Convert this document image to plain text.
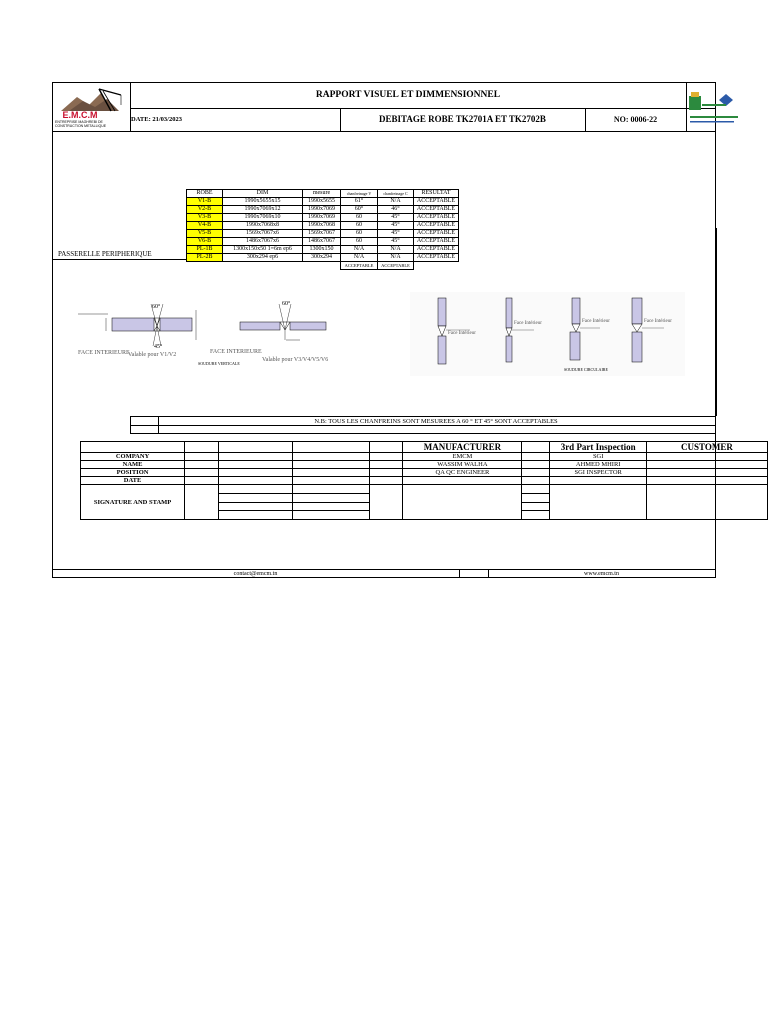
E.M.C.M
ENTREPRISE MAGHREBI DE CONSTRUCTION METALLIQUE
RAPPORT VISUEL ET DIMMENSIONNEL
DATE: 21/03/2023	DEBITAGE ROBE TK2701A ET TK2702B	NO: 0006-22
PASSERELLE PERIPHERIQUE
ROBE	DIM	mesure	chanfreinage V	chanfreinage C	RESULTAT
V1-B	1990x5655x15	1990x5655	61°	N/A	ACCEPTABLE
V2-B	1990x7069x12	1990x7069	60°	46°	ACCEPTABLE
V3-B	1990x7069x10	1990x7069	60	45°	ACCEPTABLE
V4-B	1990x7068x8	1990x7068	60	45°	ACCEPTABLE
V5-B	1569x7067x6	1569x7067	60	45°	ACCEPTABLE
V6-B	1486x7067x6	1486x7067	60	45°	ACCEPTABLE
PL-1B	1300x150x50 1=6m ep6	1300x150	N/A	N/A	ACCEPTABLE
PL-2B	300x294 ep6	300x294	N/A	N/A	ACCEPTABLE
			ACCEPTABLE	ACCEPTABLE	
60°
45°
FACE INTERIEURE
Valable pour V1/V2
60°
FACE INTERIEURE
SOUDURE VERTICALE
Valable pour V3/V4/V5/V6
Face Intérieur
Face Intérieur	Face Intérieur	Face Intérieur
SOUDURE CIRCULAIRE
N.B: TOUS LES CHANFREINS SONT MESUREES A 60 ° ET 45° SONT ACCEPTABLES
					MANUFACTURER		3rd Part Inspection	CUSTOMER
COMPANY					EMCM		SGI	
NAME					WASSIM WALHA		AHMED MHIRI	
POSITION					QA QC ENGINEER		SGI INSPECTOR	
DATE								
SIGNATURE AND STAMP								

contact@emcm.tn	www.emcm.tn
